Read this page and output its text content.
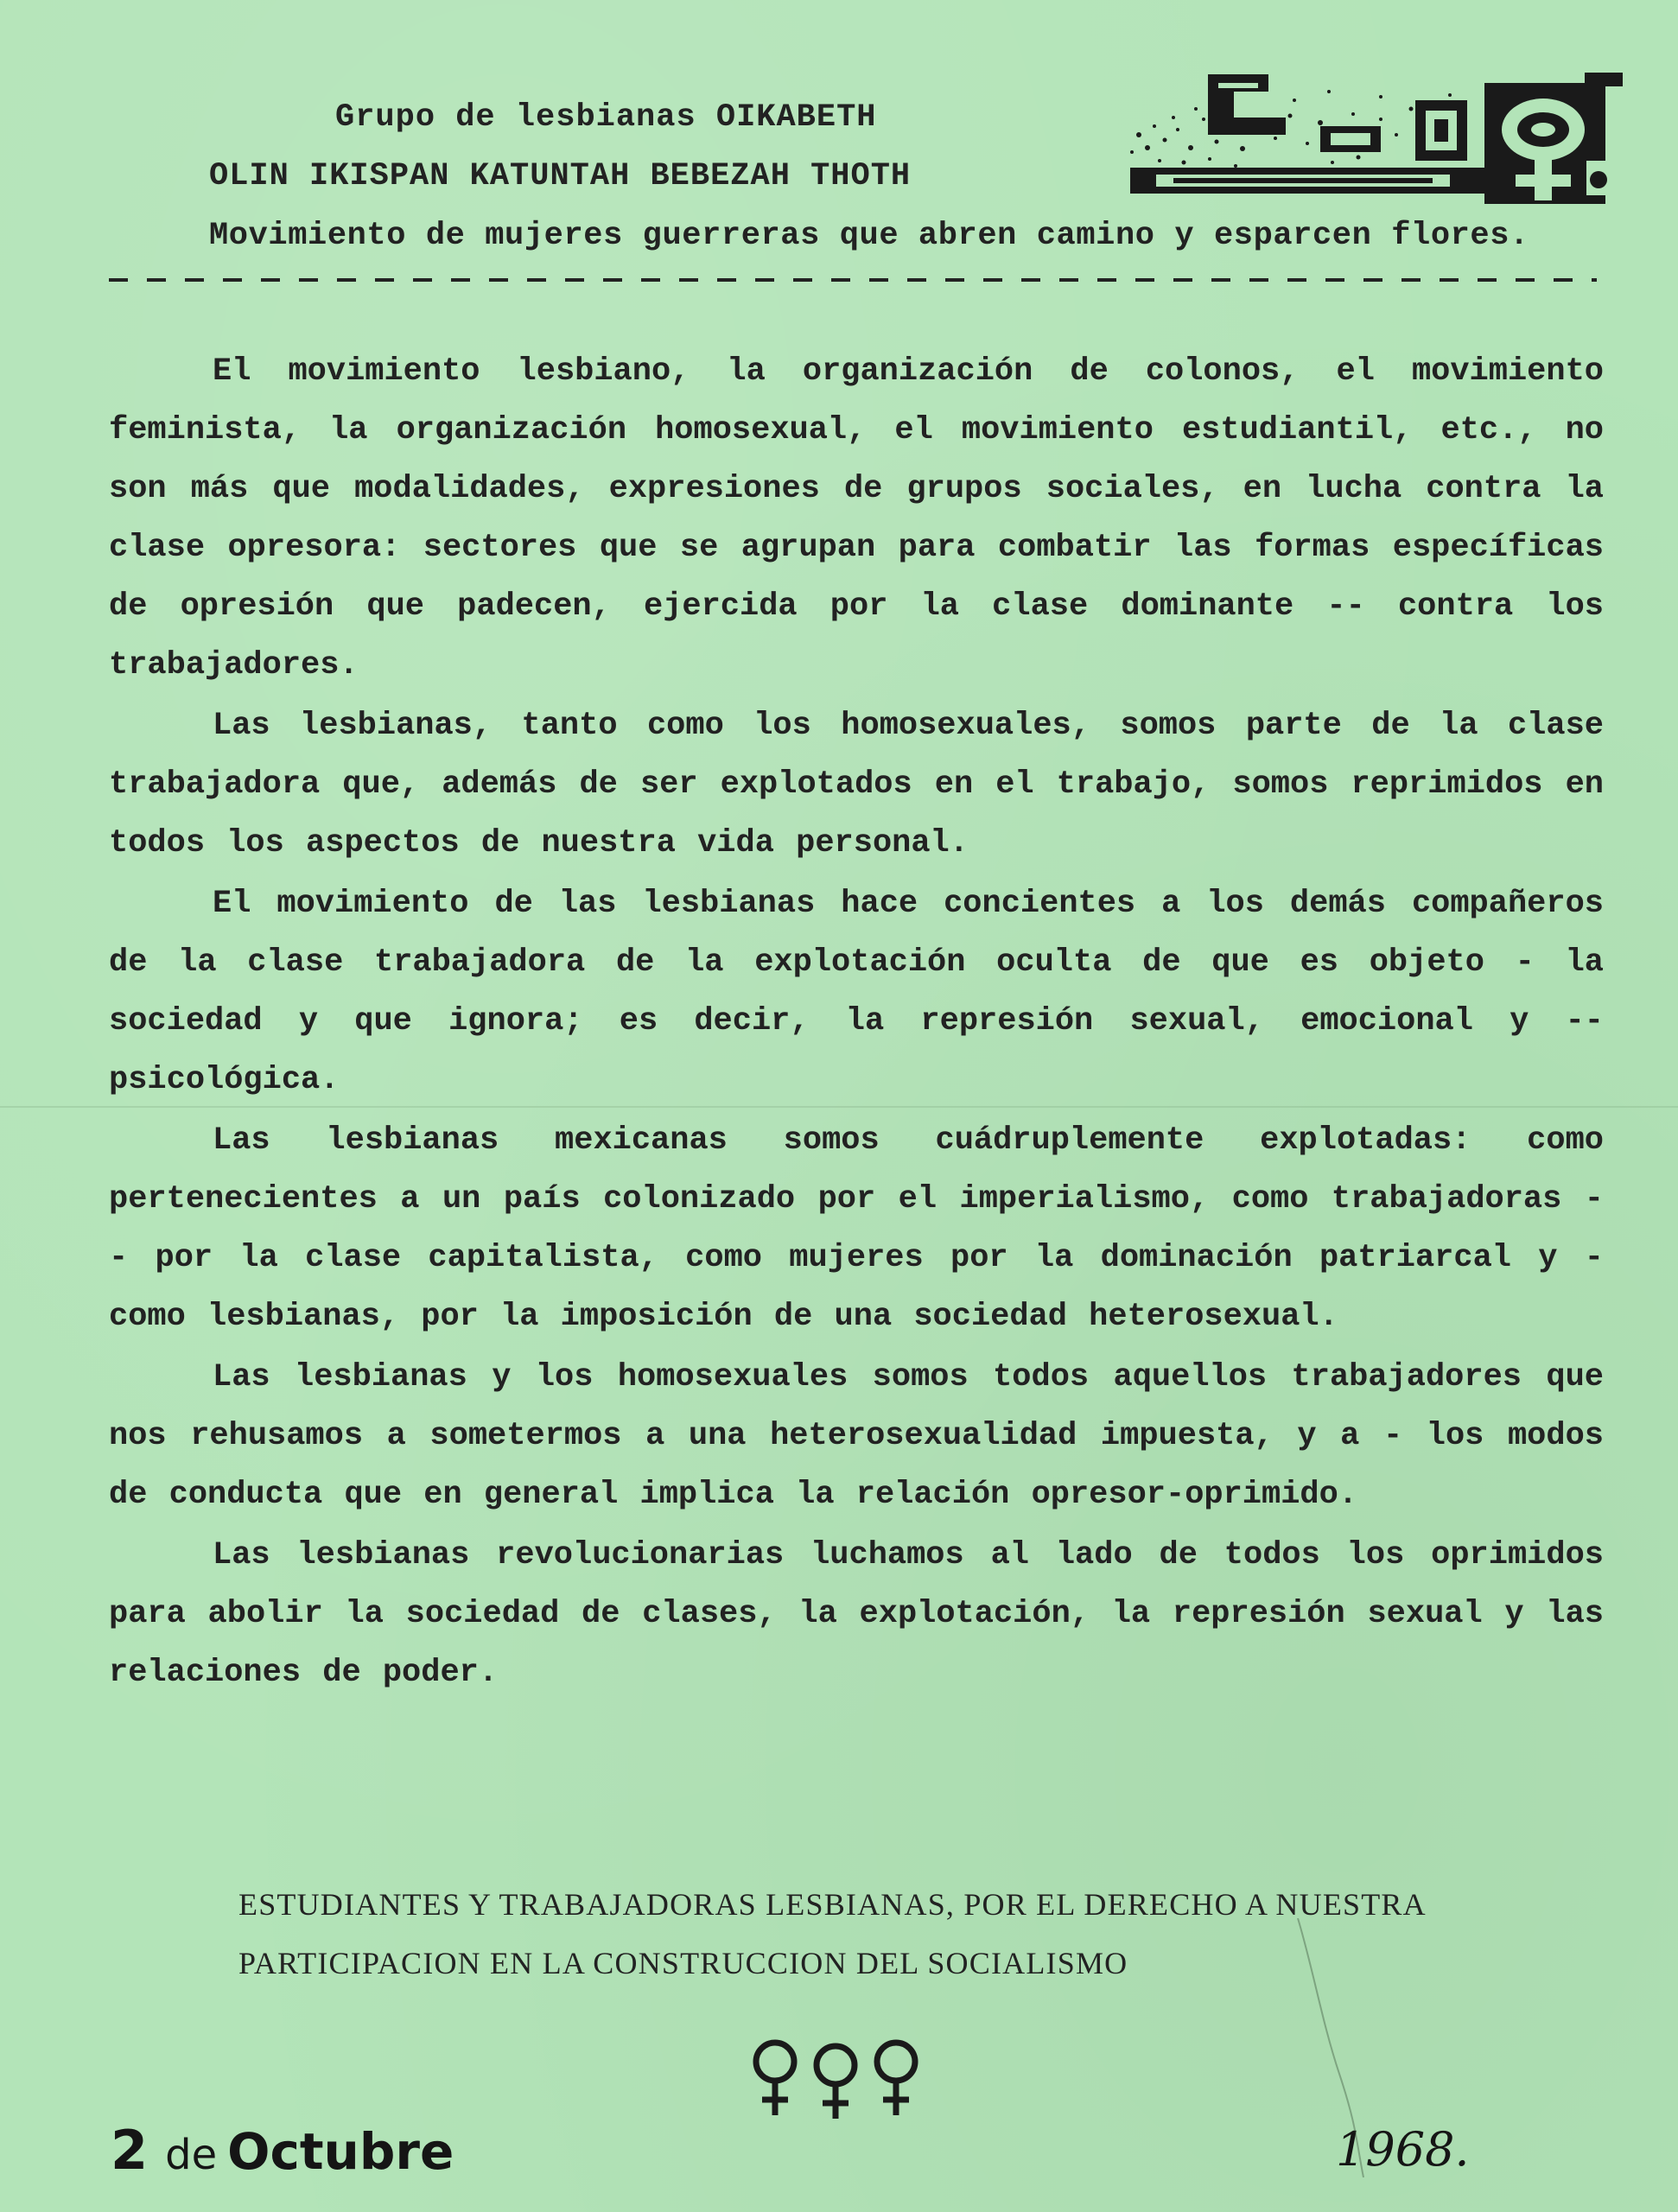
Grupo de lesbianas OIKABETH
OLIN IKISPAN KATUNTAH BEBEZAH THOTH
Movimiento de mujeres guerreras que abren camino y esparcen flores.

El movimiento lesbiano, la organización de colonos, el movimiento feminista, la organización homosexual, el movimiento estudiantil, etc., no son más que modalidades, expresiones de grupos sociales, en lucha contra la clase opresora: sectores que se agrupan para combatir las formas específicas de opresión que padecen, ejercida por la clase dominante -- contra los trabajadores.

Las lesbianas, tanto como los homosexuales, somos parte de la clase trabajadora que, además de ser explotados en el trabajo, somos reprimidos en todos los aspectos de nuestra vida personal.

El movimiento de las lesbianas hace concientes a los demás compañeros de la clase trabajadora de la explotación oculta de que es objeto - la sociedad y que ignora; es decir, la represión sexual, emocional y -- psicológica.

Las lesbianas mexicanas somos cuádruplemente explotadas: como pertenecientes a un país colonizado por el imperialismo, como trabajadoras -- por la clase capitalista, como mujeres por la dominación patriarcal y - como lesbianas, por la imposición de una sociedad heterosexual.

Las lesbianas y los homosexuales somos todos aquellos trabajadores que nos rehusamos a sometermos a una heterosexualidad impuesta, y a - los modos de conducta que en general implica la relación opresor-oprimido.

Las lesbianas revolucionarias luchamos al lado de todos los oprimidos para abolir la sociedad de clases, la explotación, la represión sexual y las relaciones de poder.

ESTUDIANTES Y TRABAJADORAS LESBIANAS, POR EL DERECHO A NUESTRA
PARTICIPACION EN LA CONSTRUCCION DEL SOCIALISMO
2 de Octubre	1968.
